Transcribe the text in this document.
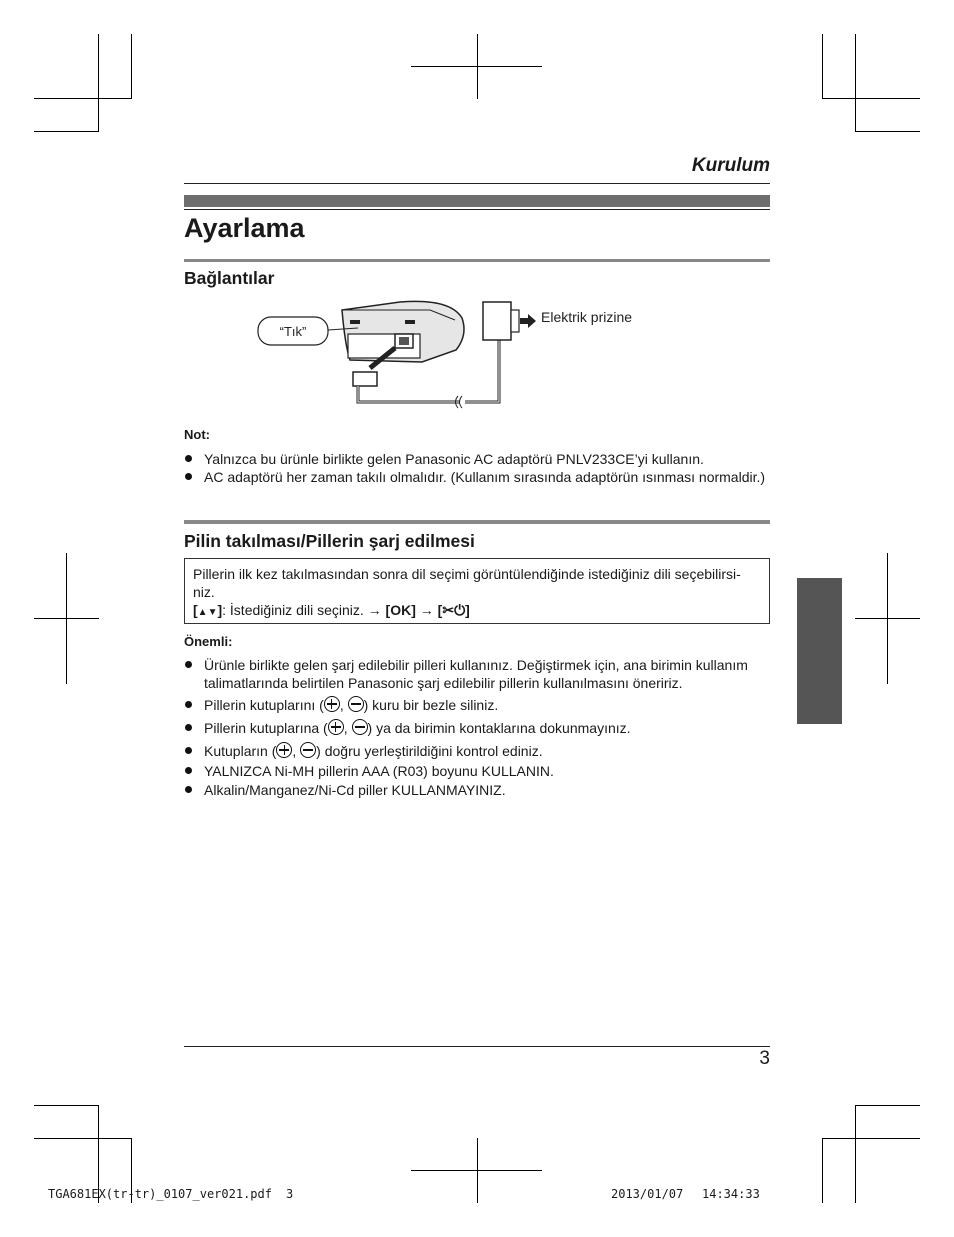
Kurulum
Ayarlama
Bağlantılar
“Tık”
Elektrik prizine
Not:
Yalnızca bu ürünle birlikte gelen Panasonic AC adaptörü PNLV233CE’yi kullanın.
AC adaptörü her zaman takılı olmalıdır. (Kullanım sırasında adaptörün ısınması normaldir.)
Pilin takılması/Pillerin şarj edilmesi
Pillerin ilk kez takılmasından sonra dil seçimi görüntülendiğinde istediğiniz dili seçebilirsi-niz.
[▲▼]: İstediğiniz dili seçiniz. → [OK] → [✂⏻]
Önemli:
Ürünle birlikte gelen şarj edilebilir pilleri kullanınız. Değiştirmek için, ana birimin kullanım talimatlarında belirtilen Panasonic şarj edilebilir pillerin kullanılmasını öneririz.
Pillerin kutuplarını ( , ) kuru bir bezle siliniz.
Pillerin kutuplarına ( , ) ya da birimin kontaklarına dokunmayınız.
Kutupların ( , ) doğru yerleştirildiğini kontrol ediniz.
YALNIZCA Ni-MH pillerin AAA (R03) boyunu KULLANIN.
Alkalin/Manganez/Ni-Cd piller KULLANMAYINIZ.
3
TGA681EX(tr-tr)_0107_ver021.pdf 3	2013/01/07 14:34:33
